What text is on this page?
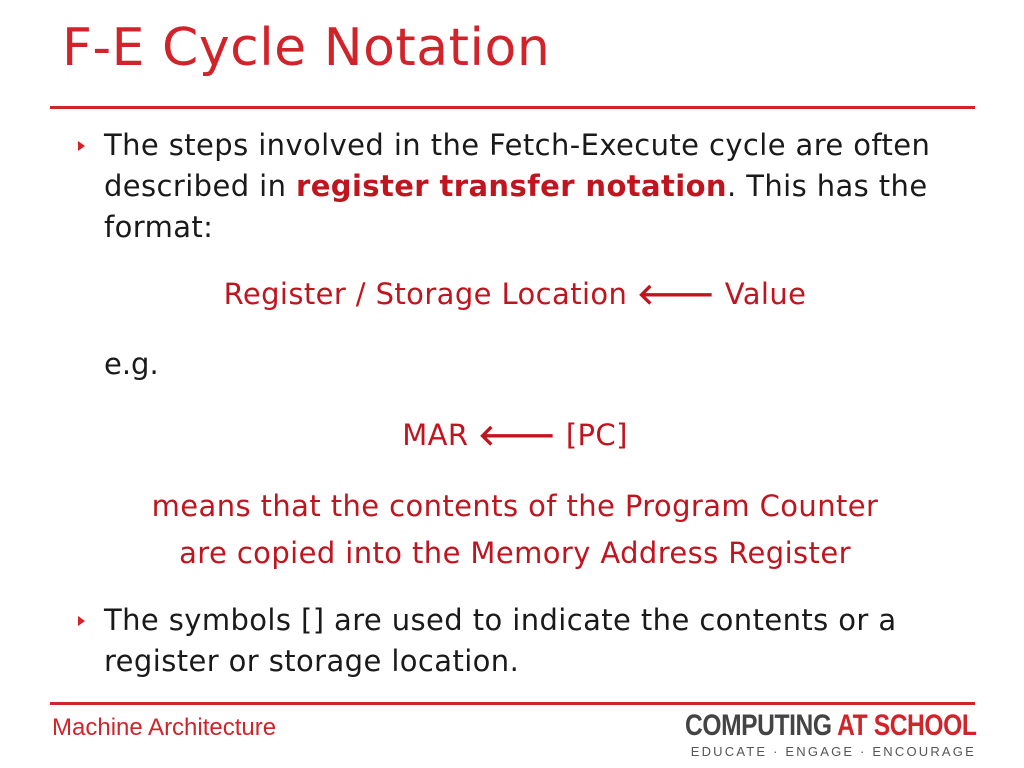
F-E Cycle Notation
The steps involved in the Fetch-Execute cycle are often described in register transfer notation. This has the format:
Register / Storage Location 🡐 Value
e.g.
MAR 🡐 [PC]
means that the contents of the Program Counter
are copied into the Memory Address Register
The symbols [] are used to indicate the contents or a register or storage location.
Machine Architecture	COMPUTING AT SCHOOL
EDUCATE · ENGAGE · ENCOURAGE
